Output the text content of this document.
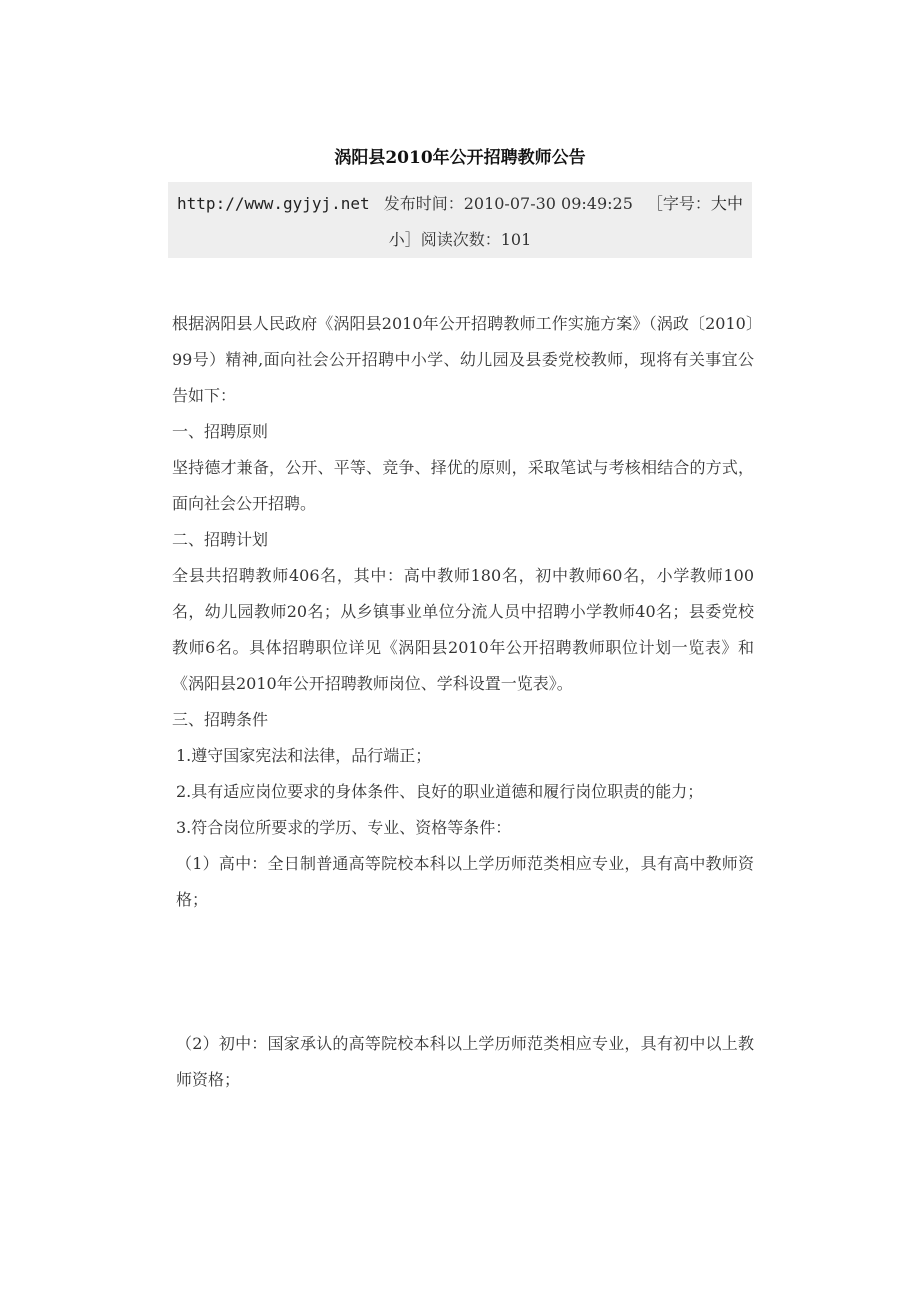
涡阳县2010年公开招聘教师公告
http://www.gyjyj.net 发布时间：2010-07-30 09:49:25 ［字号：大中小］阅读次数：101

根据涡阳县人民政府《涡阳县2010年公开招聘教师工作实施方案》（涡政〔2010〕99号）精神,面向社会公开招聘中小学、幼儿园及县委党校教师，现将有关事宜公告如下：

一、招聘原则

坚持德才兼备，公开、平等、竞争、择优的原则，采取笔试与考核相结合的方式，面向社会公开招聘。

二、招聘计划

全县共招聘教师406名，其中：高中教师180名，初中教师60名，小学教师100名，幼儿园教师20名；从乡镇事业单位分流人员中招聘小学教师40名；县委党校教师6名。具体招聘职位详见《涡阳县2010年公开招聘教师职位计划一览表》和《涡阳县2010年公开招聘教师岗位、学科设置一览表》。

三、招聘条件

1.遵守国家宪法和法律，品行端正；

2.具有适应岗位要求的身体条件、良好的职业道德和履行岗位职责的能力；

3.符合岗位所要求的学历、专业、资格等条件：

（1）高中：全日制普通高等院校本科以上学历师范类相应专业，具有高中教师资格；

（2）初中：国家承认的高等院校本科以上学历师范类相应专业，具有初中以上教师资格；
